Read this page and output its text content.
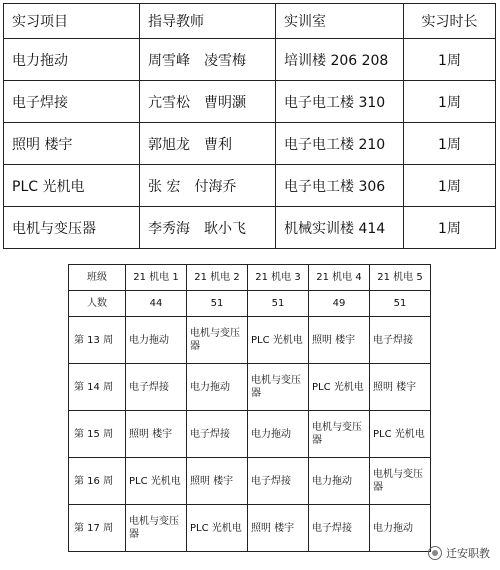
实习项目	指导教师	实训室	实习时长
电力拖动	周雪峰　凌雪梅	培训楼 206 208	1周
电子焊接	亢雪松　曹明灏	电子电工楼 310	1周
照明 楼宇	郭旭龙　曹利	电子电工楼 210	1周
PLC 光机电	张 宏　付海乔	电子电工楼 306	1周
电机与变压器	李秀海　耿小飞	机械实训楼 414	1周
班级	21 机电 1	21 机电 2	21 机电 3	21 机电 4	21 机电 5
人数	44	51	51	49	51
第 13 周	电力拖动	电机与变压器	PLC 光机电	照明 楼宇	电子焊接
第 14 周	电子焊接	电力拖动	电机与变压器	PLC 光机电	照明 楼宇
第 15 周	照明 楼宇	电子焊接	电力拖动	电机与变压器	PLC 光机电
第 16 周	PLC 光机电	照明 楼宇	电子焊接	电力拖动	电机与变压器
第 17 周	电机与变压器	PLC 光机电	照明 楼宇	电子焊接	电力拖动
迁安职教
